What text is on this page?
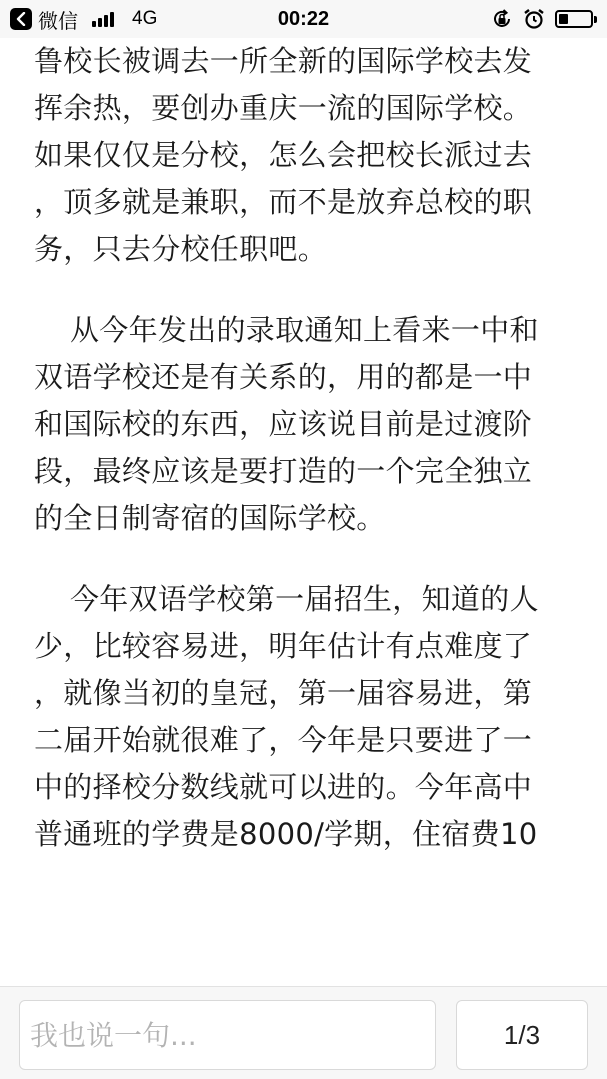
微信	4G	00:22

鲁校长被调去一所全新的国际学校去发
挥余热，要创办重庆一流的国际学校。
如果仅仅是分校，怎么会把校长派过去
，顶多就是兼职，而不是放弃总校的职
务，只去分校任职吧。

从今年发出的录取通知上看来一中和
双语学校还是有关系的，用的都是一中
和国际校的东西，应该说目前是过渡阶
段，最终应该是要打造的一个完全独立
的全日制寄宿的国际学校。

今年双语学校第一届招生，知道的人
少，比较容易进，明年估计有点难度了
，就像当初的皇冠，第一届容易进，第
二届开始就很难了，今年是只要进了一
中的择校分数线就可以进的。今年高中
普通班的学费是8000/学期，住宿费10

我也说一句...
1/3
